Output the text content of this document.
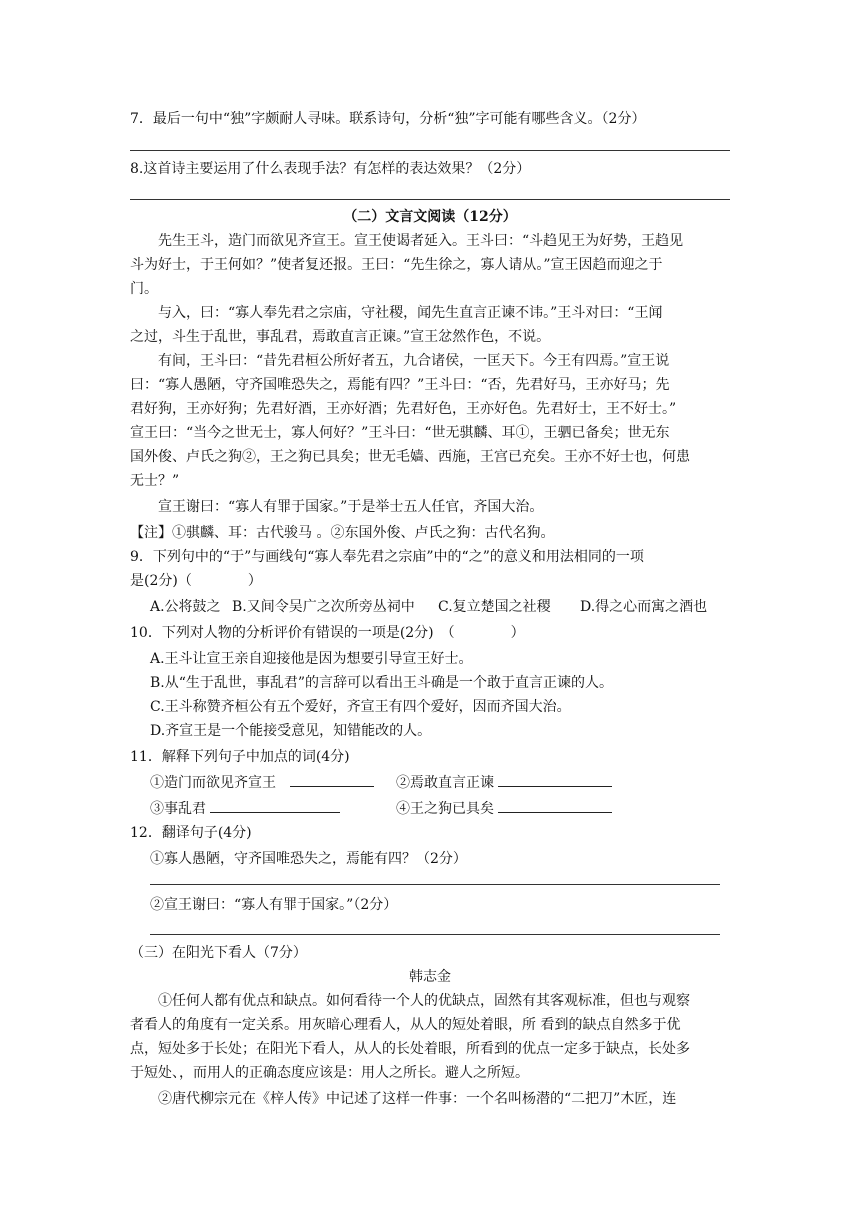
7．最后一句中“独”字颇耐人寻味。联系诗句，分析“独”字可能有哪些含义。（2分）
8.这首诗主要运用了什么表现手法？有怎样的表达效果？（2分）
（二）文言文阅读（12分）
先生王斗，造门而欲见齐宣王。宣王使谒者延入。王斗曰：“斗趋见王为好势，王趋见
斗为好士，于王何如？”使者复还报。王曰：“先生徐之，寡人请从。”宣王因趋而迎之于
门。
与入，曰：“寡人奉先君之宗庙，守社稷，闻先生直言正谏不讳。”王斗对曰：“王闻
之过，斗生于乱世，事乱君，焉敢直言正谏。”宣王忿然作色，不说。
有间，王斗曰：“昔先君桓公所好者五，九合诸侯，一匡天下。今王有四焉。”宣王说
曰：“寡人愚陋，守齐国唯恐失之，焉能有四？”王斗曰：“否，先君好马，王亦好马；先
君好狗，王亦好狗；先君好酒，王亦好酒；先君好色，王亦好色。先君好士，王不好士。”
宣王曰：“当今之世无士，寡人何好？”王斗曰：“世无骐麟、耳①，王驷已备矣；世无东
国外俊、卢氏之狗②，王之狗已具矣；世无毛嫱、西施，王宫已充矣。王亦不好士也，何患
无士？”
宣王谢曰：“寡人有罪于国家。”于是举士五人任官，齐国大治。
【注】①骐麟、耳：古代骏马 。②东国外俊、卢氏之狗：古代名狗。
9．下列句中的“于”与画线句“寡人奉先君之宗庙”中的“之”的意义和用法相同的一项
是(2分)（　　　　）
A.公将鼓之 B.又间令吴广之次所旁丛祠中 C.复立楚国之社稷 D.得之心而寓之酒也
10．下列对人物的分析评价有错误的一项是(2分)　（　　　　）
A.王斗让宣王亲自迎接他是因为想要引导宣王好士。
B.从“生于乱世，事乱君”的言辞可以看出王斗确是一个敢于直言正谏的人。
C.王斗称赞齐桓公有五个爱好，齐宣王有四个爱好，因而齐国大治。
D.齐宣王是一个能接受意见，知错能改的人。
11．解释下列句子中加点的词(4分)
①造门而欲见齐宣王	②焉敢直言正谏
③事乱君	④王之狗已具矣
12．翻译句子(4分)
①寡人愚陋，守齐国唯恐失之，焉能有四？（2分）
②宣王谢曰：“寡人有罪于国家。”（2分）
（三）在阳光下看人（7分）
韩志金
①任何人都有优点和缺点。如何看待一个人的优缺点，固然有其客观标准，但也与观察
者看人的角度有一定关系。用灰暗心理看人，从人的短处着眼，所 看到的缺点自然多于优
点，短处多于长处；在阳光下看人，从人的长处着眼，所看到的优点一定多于缺点，长处多
于短处、，而用人的正确态度应该是：用人之所长。避人之所短。
②唐代柳宗元在《梓人传》中记述了这样一件事：一个名叫杨潜的“二把刀”木匠，连
